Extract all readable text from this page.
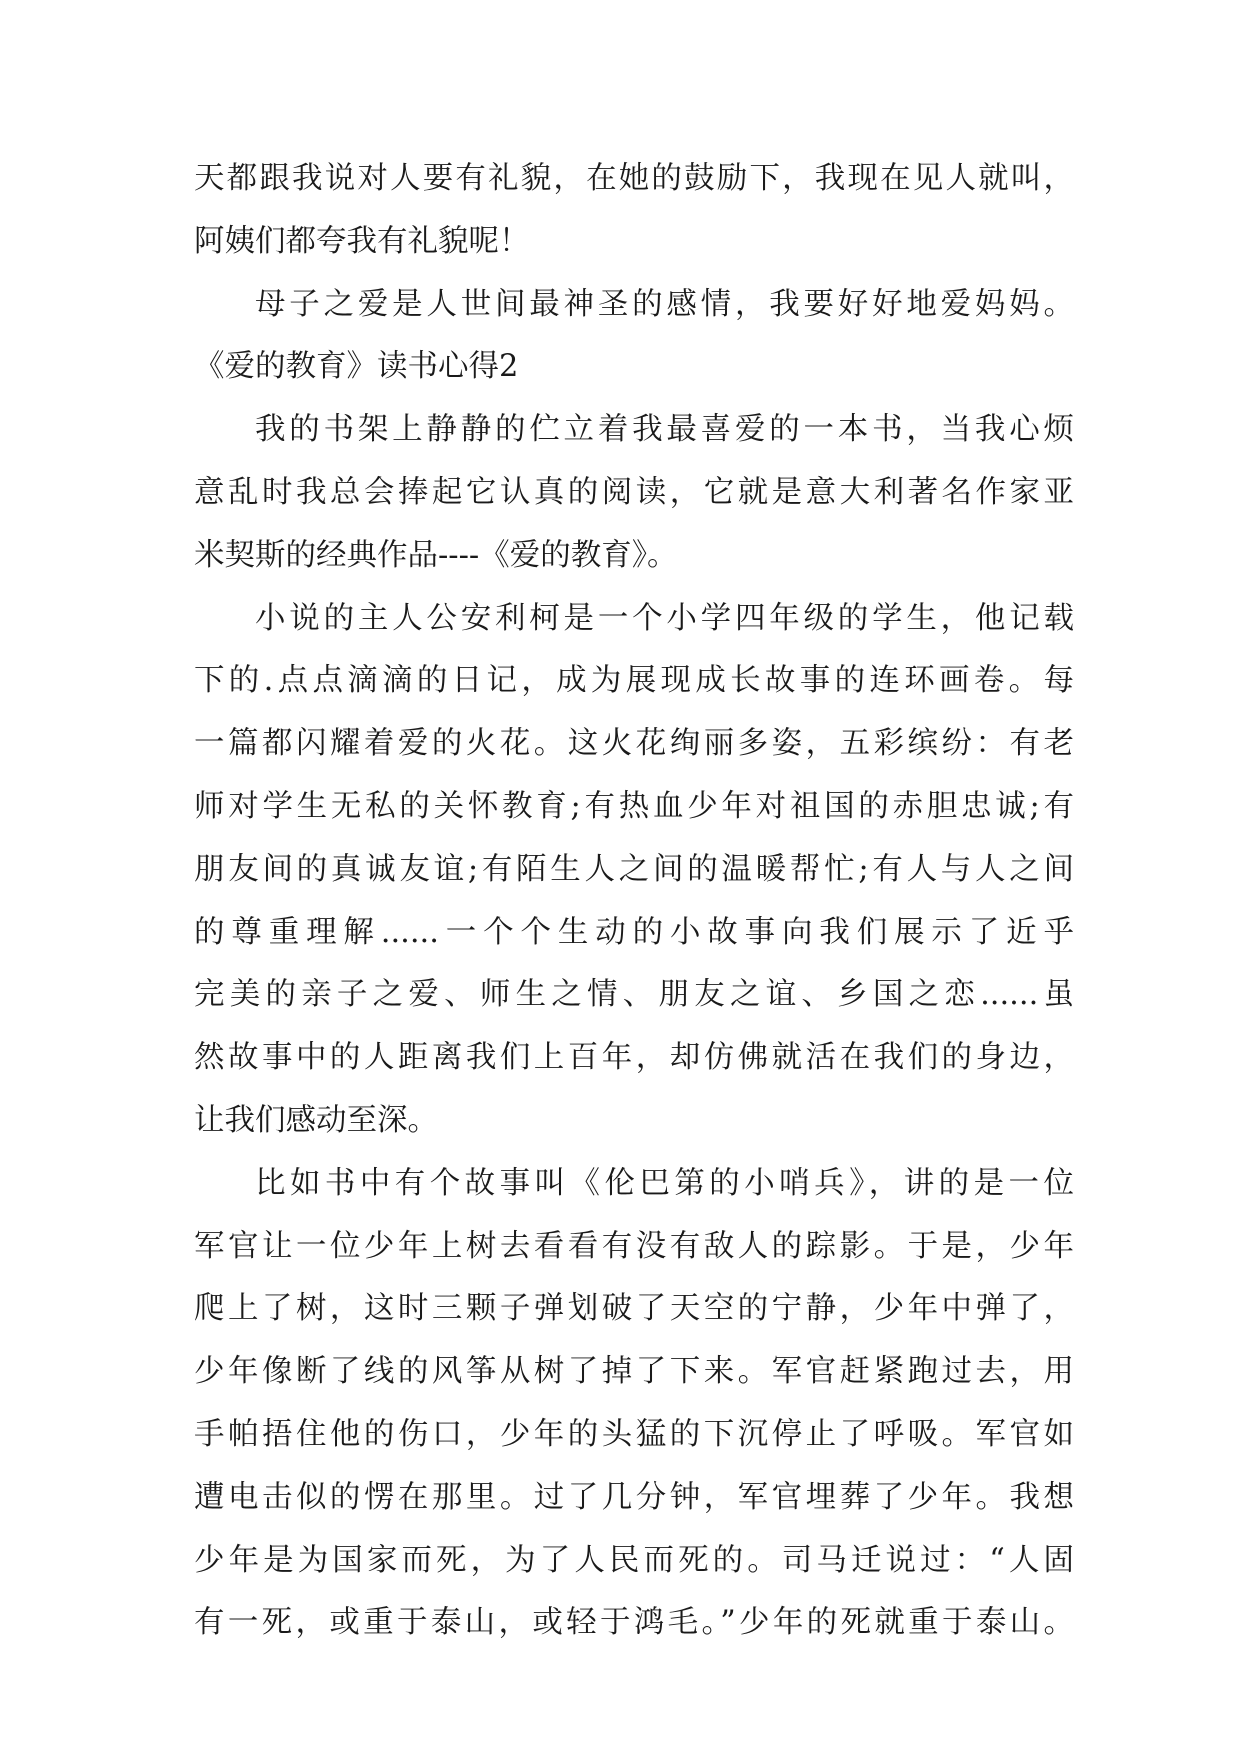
天都跟我说对人要有礼貌，在她的鼓励下，我现在见人就叫，
阿姨们都夸我有礼貌呢！
母子之爱是人世间最神圣的感情，我要好好地爱妈妈。
《爱的教育》读书心得2
我的书架上静静的伫立着我最喜爱的一本书，当我心烦
意乱时我总会捧起它认真的阅读，它就是意大利著名作家亚
米契斯的经典作品----《爱的教育》。
小说的主人公安利柯是一个小学四年级的学生，他记载
下的.点点滴滴的日记，成为展现成长故事的连环画卷。每
一篇都闪耀着爱的火花。这火花绚丽多姿，五彩缤纷：有老
师对学生无私的关怀教育;有热血少年对祖国的赤胆忠诚;有
朋友间的真诚友谊;有陌生人之间的温暖帮忙;有人与人之间
的尊重理解......一个个生动的小故事向我们展示了近乎
完美的亲子之爱、师生之情、朋友之谊、乡国之恋......虽
然故事中的人距离我们上百年，却仿佛就活在我们的身边，
让我们感动至深。
比如书中有个故事叫《伦巴第的小哨兵》，讲的是一位
军官让一位少年上树去看看有没有敌人的踪影。于是，少年
爬上了树，这时三颗子弹划破了天空的宁静，少年中弹了，
少年像断了线的风筝从树了掉了下来。军官赶紧跑过去，用
手帕捂住他的伤口，少年的头猛的下沉停止了呼吸。军官如
遭电击似的愣在那里。过了几分钟，军官埋葬了少年。我想
少年是为国家而死，为了人民而死的。司马迁说过：“人固
有一死，或重于泰山，或轻于鸿毛。”少年的死就重于泰山。
